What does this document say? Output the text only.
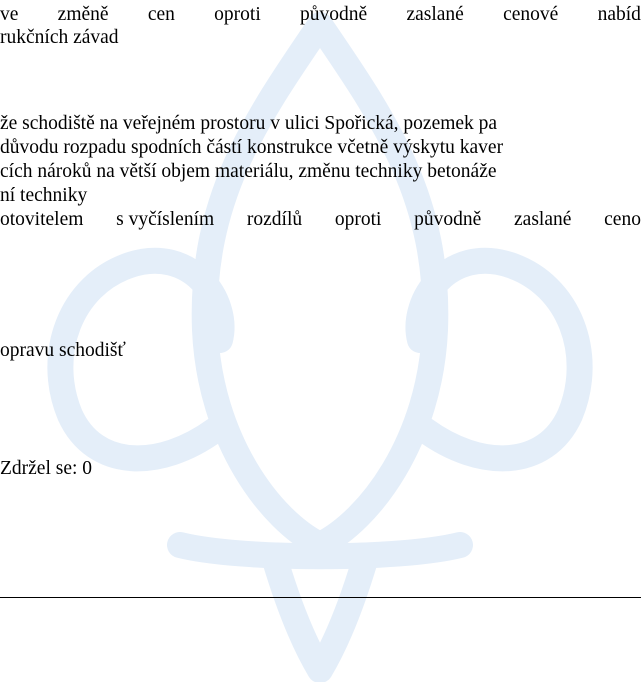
ve změně cen oproti původně zaslané cenové nabíd
rukčních závad
že schodiště na veřejném prostoru v ulici Spořická, pozemek pa
důvodu rozpadu spodních částí konstrukce včetně výskytu kaver
cích nároků na větší objem materiálu, změnu techniky betonáže
ní techniky
otovitelem s vyčíslením rozdílů oproti původně zaslané ceno
opravu schodišť
Zdržel se: 0
